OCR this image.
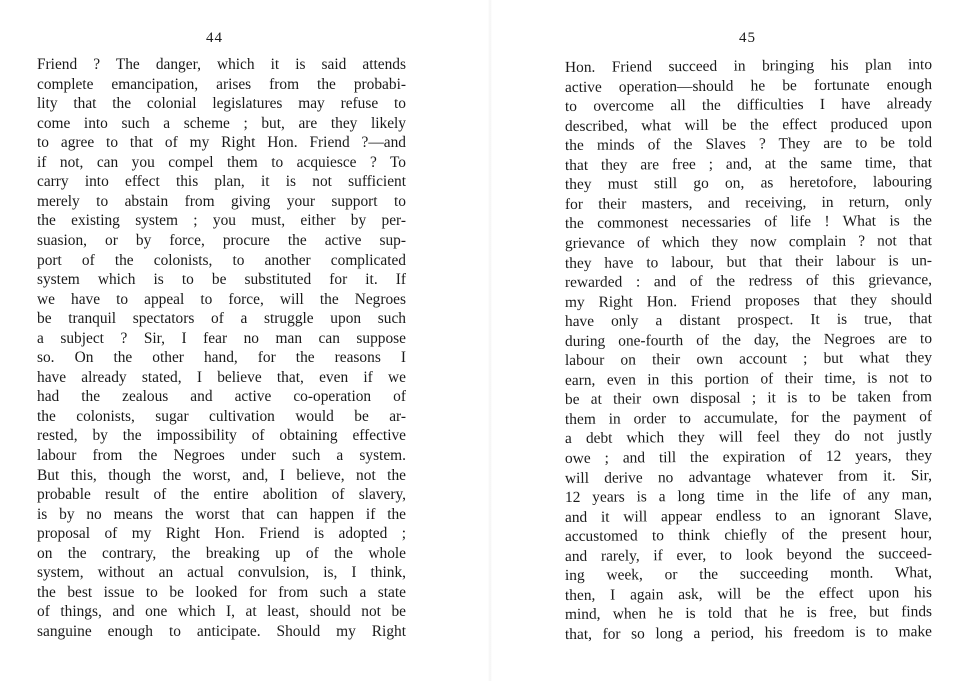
44
Friend ? The danger, which it is said attends
complete emancipation, arises from the probabi-
lity that the colonial legislatures may refuse to
come into such a scheme ; but, are they likely
to agree to that of my Right Hon. Friend ?—and
if not, can you compel them to acquiesce ? To
carry into effect this plan, it is not sufficient
merely to abstain from giving your support to
the existing system ; you must, either by per-
suasion, or by force, procure the active sup-
port of the colonists, to another complicated
system which is to be substituted for it. If
we have to appeal to force, will the Negroes
be tranquil spectators of a struggle upon such
a subject ? Sir, I fear no man can suppose
so. On the other hand, for the reasons I
have already stated, I believe that, even if we
had the zealous and active co-operation of
the colonists, sugar cultivation would be ar-
rested, by the impossibility of obtaining effective
labour from the Negroes under such a system.
But this, though the worst, and, I believe, not the
probable result of the entire abolition of slavery,
is by no means the worst that can happen if the
proposal of my Right Hon. Friend is adopted ;
on the contrary, the breaking up of the whole
system, without an actual convulsion, is, I think,
the best issue to be looked for from such a state
of things, and one which I, at least, should not be
sanguine enough to anticipate. Should my Right
45
Hon. Friend succeed in bringing his plan into
active operation—should he be fortunate enough
to overcome all the difficulties I have already
described, what will be the effect produced upon
the minds of the Slaves ? They are to be told
that they are free ; and, at the same time, that
they must still go on, as heretofore, labouring
for their masters, and receiving, in return, only
the commonest necessaries of life ! What is the
grievance of which they now complain ? not that
they have to labour, but that their labour is un-
rewarded : and of the redress of this grievance,
my Right Hon. Friend proposes that they should
have only a distant prospect. It is true, that
during one-fourth of the day, the Negroes are to
labour on their own account ; but what they
earn, even in this portion of their time, is not to
be at their own disposal ; it is to be taken from
them in order to accumulate, for the payment of
a debt which they will feel they do not justly
owe ; and till the expiration of 12 years, they
will derive no advantage whatever from it. Sir,
12 years is a long time in the life of any man,
and it will appear endless to an ignorant Slave,
accustomed to think chiefly of the present hour,
and rarely, if ever, to look beyond the succeed-
ing week, or the succeeding month. What,
then, I again ask, will be the effect upon his
mind, when he is told that he is free, but finds
that, for so long a period, his freedom is to make
